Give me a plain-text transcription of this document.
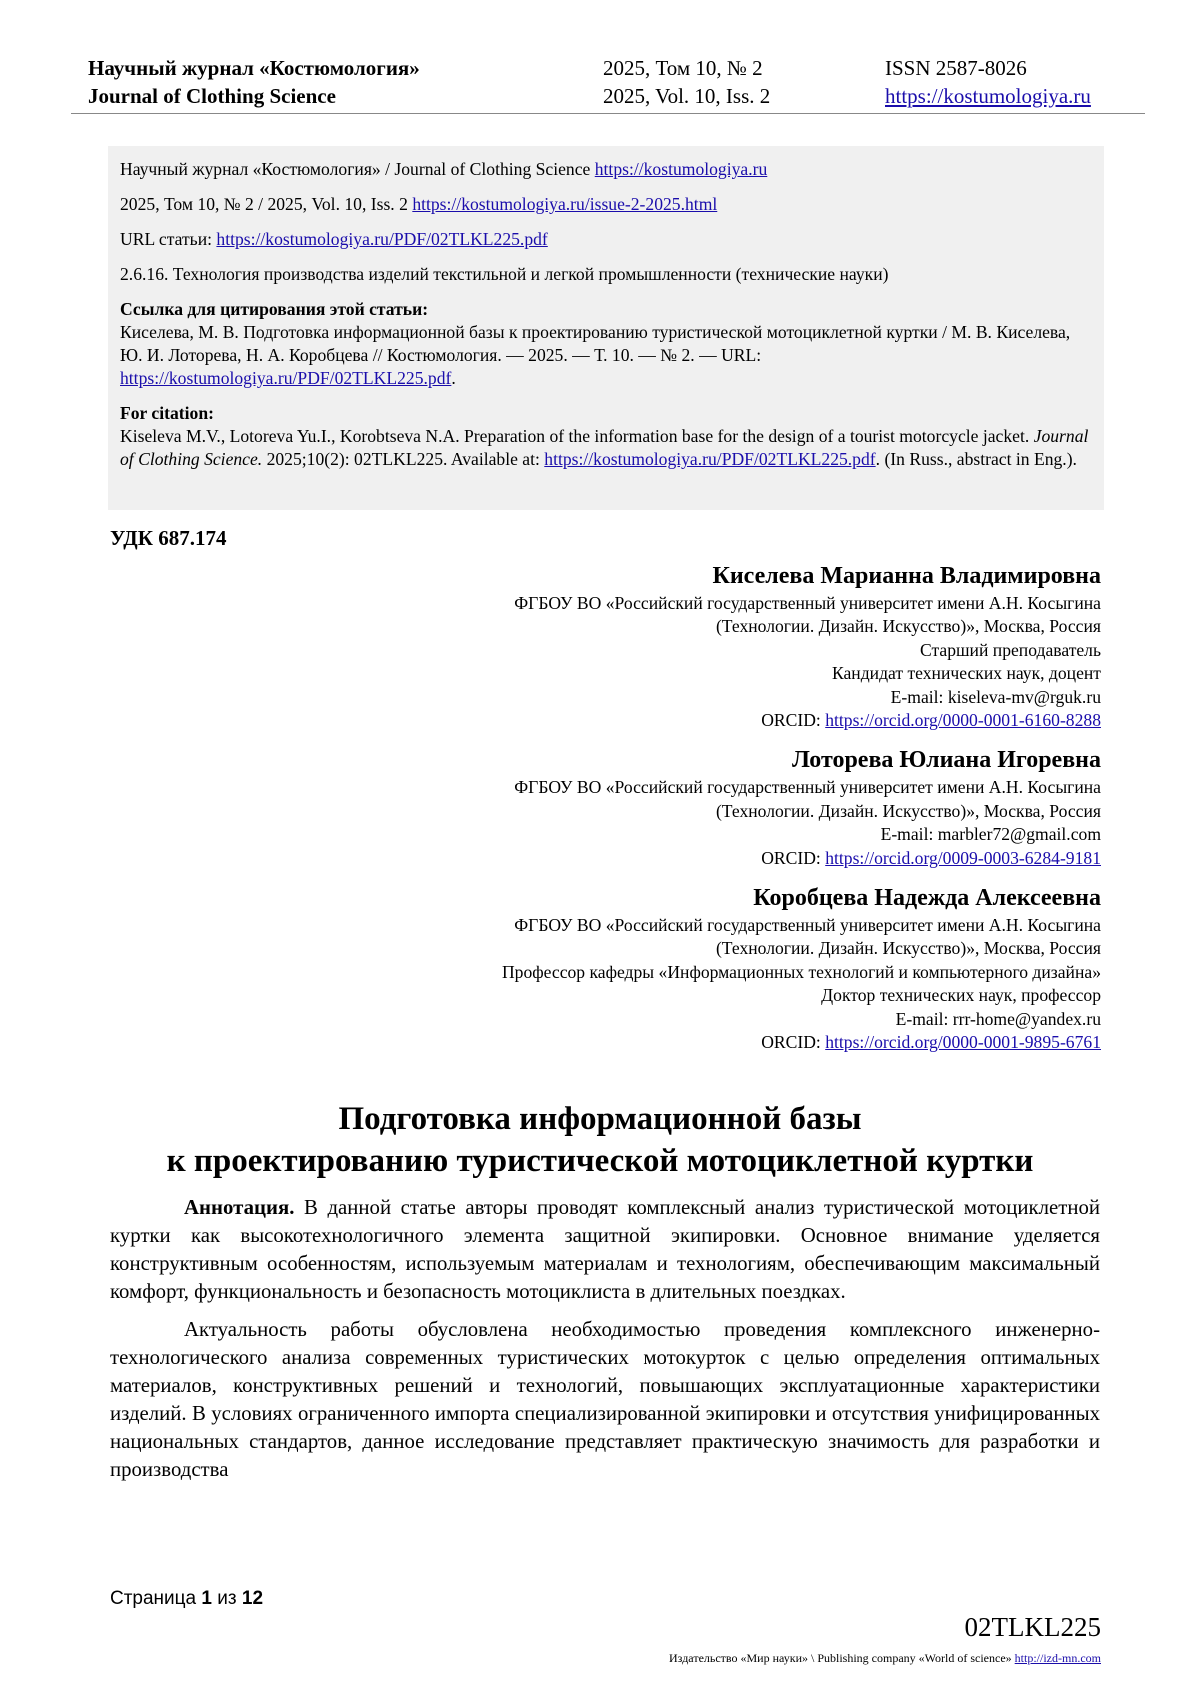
Научный журнал «Костюмология»
Journal of Clothing Science
2025, Том 10, № 2
2025, Vol. 10, Iss. 2
ISSN 2587-8026
https://kostumologiya.ru

Научный журнал «Костюмология» / Journal of Clothing Science https://kostumologiya.ru

2025, Том 10, № 2 / 2025, Vol. 10, Iss. 2 https://kostumologiya.ru/issue-2-2025.html

URL статьи: https://kostumologiya.ru/PDF/02TLKL225.pdf

2.6.16. Технология производства изделий текстильной и легкой промышленности (технические науки)

Ссылка для цитирования этой статьи:
Киселева, М. В. Подготовка информационной базы к проектированию туристической мотоциклетной куртки / М. В. Киселева, Ю. И. Лоторева, Н. А. Коробцева // Костюмология. — 2025. — Т. 10. — № 2. — URL: https://kostumologiya.ru/PDF/02TLKL225.pdf.
For citation:
Kiseleva M.V., Lotoreva Yu.I., Korobtseva N.A. Preparation of the information base for the design of a tourist motorcycle jacket. Journal of Clothing Science. 2025;10(2): 02TLKL225. Available at: https://kostumologiya.ru/PDF/02TLKL225.pdf. (In Russ., abstract in Eng.).
УДК 687.174
Киселева Марианна Владимировна
ФГБОУ ВО «Российский государственный университет имени А.Н. Косыгина
(Технологии. Дизайн. Искусство)», Москва, Россия
Старший преподаватель
Кандидат технических наук, доцент
E-mail: kiseleva-mv@rguk.ru
ORCID: https://orcid.org/0000-0001-6160-8288
Лоторева Юлиана Игоревна
ФГБОУ ВО «Российский государственный университет имени А.Н. Косыгина
(Технологии. Дизайн. Искусство)», Москва, Россия
E-mail: marbler72@gmail.com
ORCID: https://orcid.org/0009-0003-6284-9181
Коробцева Надежда Алексеевна
ФГБОУ ВО «Российский государственный университет имени А.Н. Косыгина
(Технологии. Дизайн. Искусство)», Москва, Россия
Профессор кафедры «Информационных технологий и компьютерного дизайна»
Доктор технических наук, профессор
E-mail: rrr-home@yandex.ru
ORCID: https://orcid.org/0000-0001-9895-6761
Подготовка информационной базы
к проектированию туристической мотоциклетной куртки

Аннотация. В данной статье авторы проводят комплексный анализ туристической мотоциклетной куртки как высокотехнологичного элемента защитной экипировки. Основное внимание уделяется конструктивным особенностям, используемым материалам и технологиям, обеспечивающим максимальный комфорт, функциональность и безопасность мотоциклиста в длительных поездках.

Актуальность работы обусловлена необходимостью проведения комплексного инженерно-технологического анализа современных туристических мотокурток с целью определения оптимальных материалов, конструктивных решений и технологий, повышающих эксплуатационные характеристики изделий. В условиях ограниченного импорта специализированной экипировки и отсутствия унифицированных национальных стандартов, данное исследование представляет практическую значимость для разработки и производства

Страница 1 из 12
02TLKL225
Издательство «Мир науки» \ Publishing company «World of science» http://izd-mn.com
